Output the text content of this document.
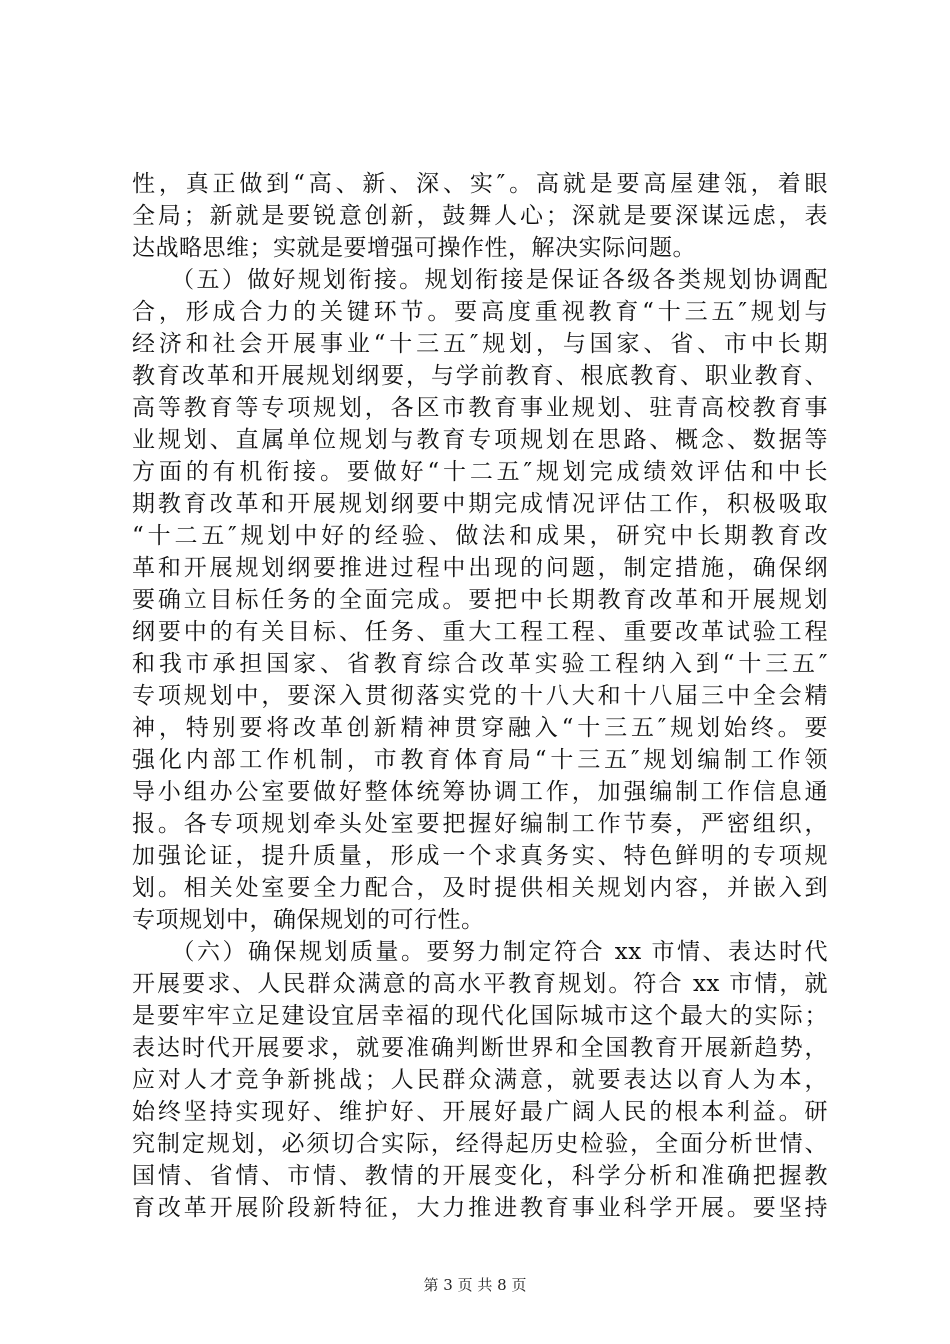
性，真正做到“高、新、深、实″。高就是要高屋建瓴，着眼
全局；新就是要锐意创新，鼓舞人心；深就是要深谋远虑，表
达战略思维；实就是要增强可操作性，解决实际问题。
　　（五）做好规划衔接。规划衔接是保证各级各类规划协调配
合，形成合力的关键环节。要高度重视教育“十三五″规划与
经济和社会开展事业“十三五″规划，与国家、省、市中长期
教育改革和开展规划纲要，与学前教育、根底教育、职业教育、
高等教育等专项规划，各区市教育事业规划、驻青高校教育事
业规划、直属单位规划与教育专项规划在思路、概念、数据等
方面的有机衔接。要做好“十二五″规划完成绩效评估和中长
期教育改革和开展规划纲要中期完成情况评估工作，积极吸取
“十二五″规划中好的经验、做法和成果，研究中长期教育改
革和开展规划纲要推进过程中出现的问题，制定措施，确保纲
要确立目标任务的全面完成。要把中长期教育改革和开展规划
纲要中的有关目标、任务、重大工程工程、重要改革试验工程
和我市承担国家、省教育综合改革实验工程纳入到“十三五″
专项规划中，要深入贯彻落实党的十八大和十八届三中全会精
神，特别要将改革创新精神贯穿融入“十三五″规划始终。要
强化内部工作机制，市教育体育局“十三五″规划编制工作领
导小组办公室要做好整体统筹协调工作，加强编制工作信息通
报。各专项规划牵头处室要把握好编制工作节奏，严密组织，
加强论证，提升质量，形成一个求真务实、特色鲜明的专项规
划。相关处室要全力配合，及时提供相关规划内容，并嵌入到
专项规划中，确保规划的可行性。
　　（六）确保规划质量。要努力制定符合 xx 市情、表达时代
开展要求、人民群众满意的高水平教育规划。符合 xx 市情，就
是要牢牢立足建设宜居幸福的现代化国际城市这个最大的实际；
表达时代开展要求，就要准确判断世界和全国教育开展新趋势，
应对人才竞争新挑战；人民群众满意，就要表达以育人为本，
始终坚持实现好、维护好、开展好最广阔人民的根本利益。研
究制定规划，必须切合实际，经得起历史检验，全面分析世情、
国情、省情、市情、教情的开展变化，科学分析和准确把握教
育改革开展阶段新特征，大力推进教育事业科学开展。要坚持
第 3 页 共 8 页
